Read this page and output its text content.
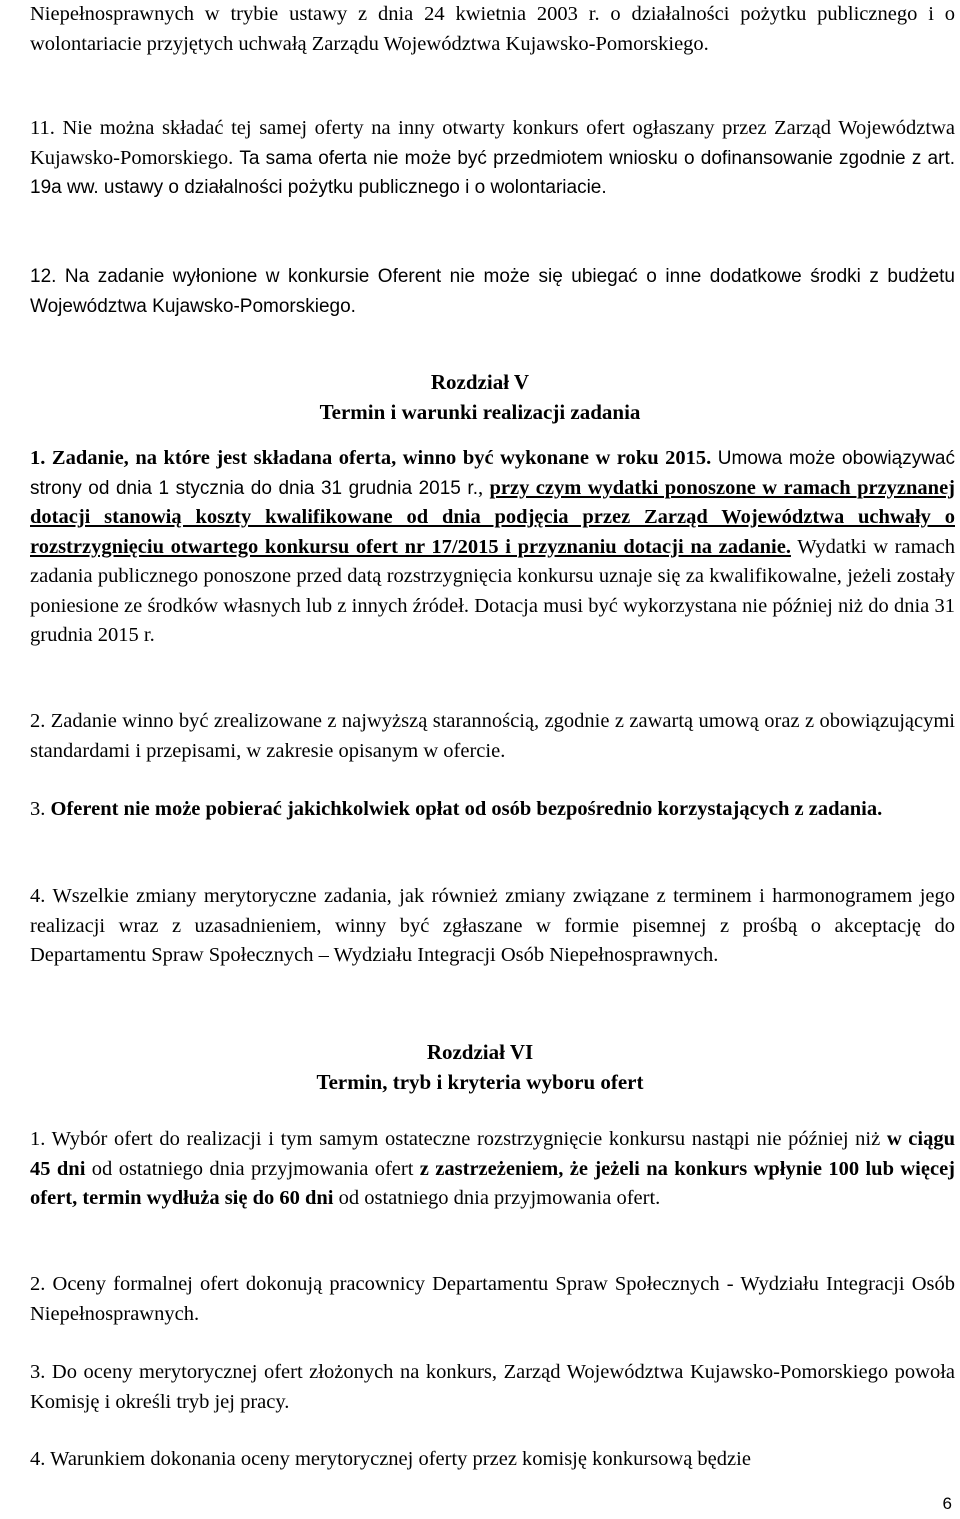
Niepełnosprawnych w trybie ustawy z dnia 24 kwietnia 2003 r. o działalności pożytku publicznego i o wolontariacie przyjętych uchwałą Zarządu Województwa Kujawsko-Pomorskiego.

11. Nie można składać tej samej oferty na inny otwarty konkurs ofert ogłaszany przez Zarząd Województwa Kujawsko-Pomorskiego. Ta sama oferta nie może być przedmiotem wniosku o dofinansowanie zgodnie z art. 19a ww. ustawy o działalności pożytku publicznego i o wolontariacie.

12. Na zadanie wyłonione w konkursie Oferent nie może się ubiegać o inne dodatkowe środki z budżetu Województwa Kujawsko-Pomorskiego.

Rozdział V
Termin i warunki realizacji zadania

1. Zadanie, na które jest składana oferta, winno być wykonane w roku 2015. Umowa może obowiązywać strony od dnia 1 stycznia do dnia 31 grudnia 2015 r., przy czym wydatki ponoszone w ramach przyznanej dotacji stanowią koszty kwalifikowane od dnia podjęcia przez Zarząd Województwa uchwały o rozstrzygnięciu otwartego konkursu ofert nr 17/2015 i przyznaniu dotacji na zadanie. Wydatki w ramach zadania publicznego ponoszone przed datą rozstrzygnięcia konkursu uznaje się za kwalifikowalne, jeżeli zostały poniesione ze środków własnych lub z innych źródeł. Dotacja musi być wykorzystana nie później niż do dnia 31 grudnia 2015 r.

2. Zadanie winno być zrealizowane z najwyższą starannością, zgodnie z zawartą umową oraz z obowiązującymi standardami i przepisami, w zakresie opisanym w ofercie.

3. Oferent nie może pobierać jakichkolwiek opłat od osób bezpośrednio korzystających z zadania.

4. Wszelkie zmiany merytoryczne zadania, jak również zmiany związane z terminem i harmonogramem jego realizacji wraz z uzasadnieniem, winny być zgłaszane w formie pisemnej z prośbą o akceptację do Departamentu Spraw Społecznych – Wydziału Integracji Osób Niepełnosprawnych.

Rozdział VI
Termin, tryb i kryteria wyboru ofert

1. Wybór ofert do realizacji i tym samym ostateczne rozstrzygnięcie konkursu nastąpi nie później niż w ciągu 45 dni od ostatniego dnia przyjmowania ofert z zastrzeżeniem, że jeżeli na konkurs wpłynie 100 lub więcej ofert, termin wydłuża się do 60 dni od ostatniego dnia przyjmowania ofert.

2. Oceny formalnej ofert dokonują pracownicy Departamentu Spraw Społecznych - Wydziału Integracji Osób Niepełnosprawnych.

3. Do oceny merytorycznej ofert złożonych na konkurs, Zarząd Województwa Kujawsko-Pomorskiego powoła Komisję i określi tryb jej pracy.

4. Warunkiem dokonania oceny merytorycznej oferty przez komisję konkursową będzie

6
